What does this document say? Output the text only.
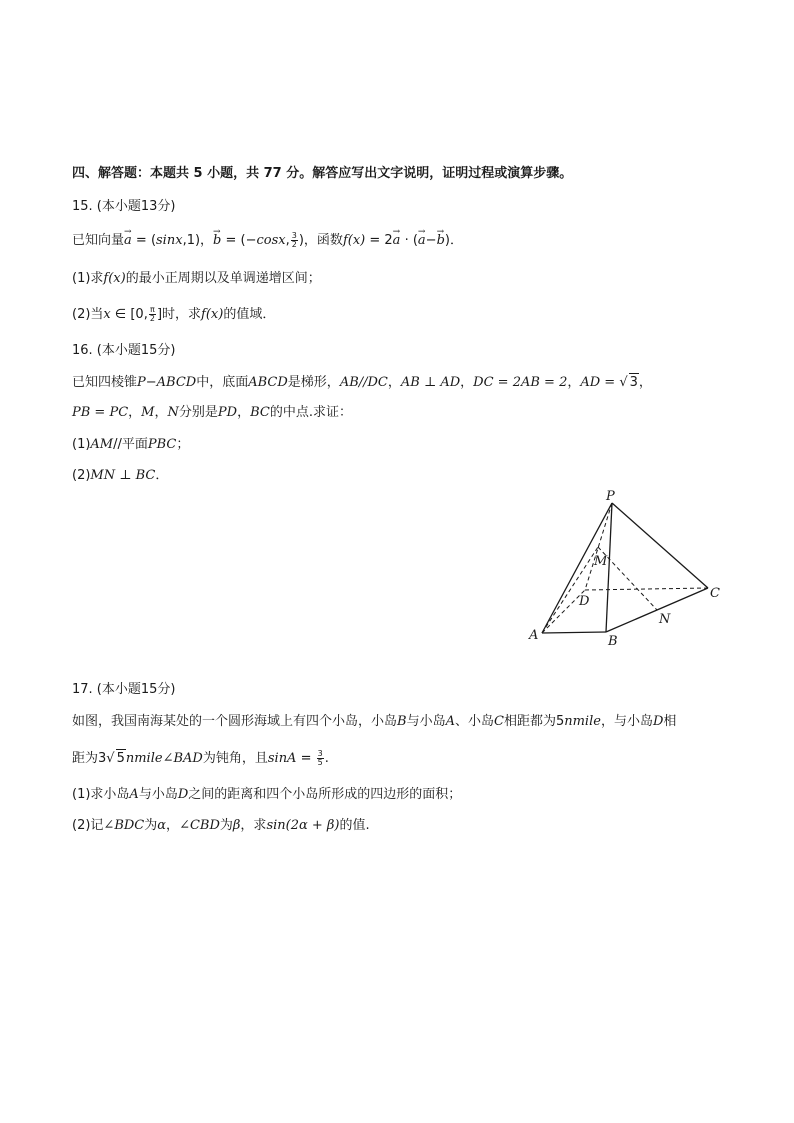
四、解答题：本题共 5 小题，共 77 分。解答应写出文字说明，证明过程或演算步骤。
15. (本小题13分)
已知向量→ a = (sinx,1)，→ b = (−cosx, $\frac{3}{2}$ )，函数f(x) = 2→ a · (→ a−→ b)．
(1)求f(x)的最小正周期以及单调递增区间；
(2)当x ∈ [0, $\frac{\pi}{2}$ ]时，求f(x)的值域．
16. (本小题15分)
已知四棱锥P−ABCD中，底面ABCD是梯形，AB//DC，AB ⊥ AD，DC = 2AB = 2，AD = √ 3，
PB = PC，M，N分别是PD，BC的中点.求证：
(1)AM//平面PBC；
(2)MN ⊥ BC．
P
M
D
C
A	B
N
17. (本小题15分)
如图，我国南海某处的一个圆形海域上有四个小岛，小岛B与小岛A、小岛C相距都为5nmile，与小岛D相
距为3√ 5nmile∠BAD为钝角，且$\sin A = \frac{3}{5}$ .
(1)求小岛A与小岛D之间的距离和四个小岛所形成的四边形的面积；
(2)记∠BDC为α，∠CBD为β，求sin(2α + β)的值.
